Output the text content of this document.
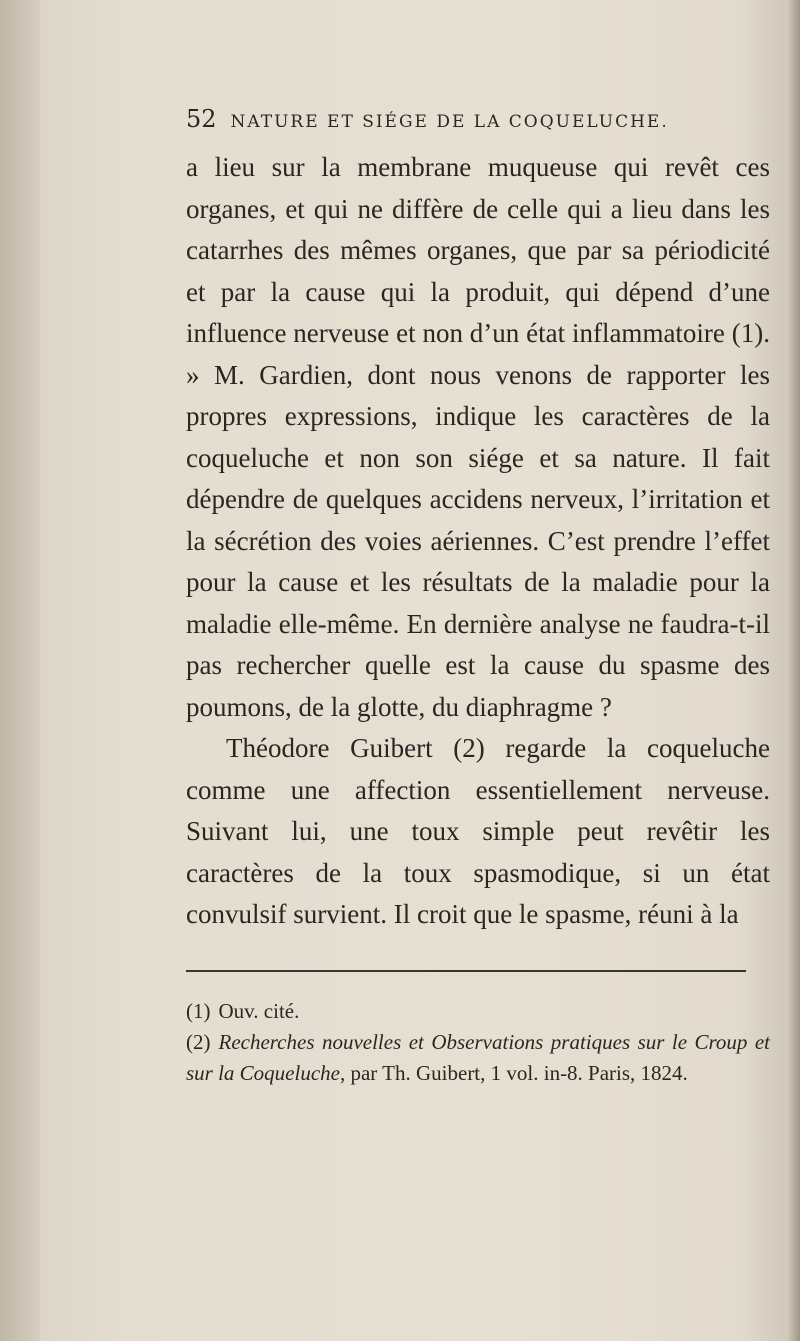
52 NATURE ET SIÉGE DE LA COQUELUCHE.

a lieu sur la membrane muqueuse qui revêt ces organes, et qui ne diffère de celle qui a lieu dans les catarrhes des mêmes organes, que par sa périodicité et par la cause qui la produit, qui dépend d’une influence nerveuse et non d’un état inflammatoire (1). » M. Gardien, dont nous venons de rapporter les propres expressions, indique les caractères de la coqueluche et non son siége et sa nature. Il fait dépendre de quelques accidens nerveux, l’irritation et la sécrétion des voies aériennes. C’est prendre l’effet pour la cause et les résultats de la maladie pour la maladie elle-même. En dernière analyse ne faudra-t-il pas rechercher quelle est la cause du spasme des poumons, de la glotte, du diaphragme ?

Théodore Guibert (2) regarde la coqueluche comme une affection essentiellement nerveuse. Suivant lui, une toux simple peut revêtir les caractères de la toux spasmodique, si un état convulsif survient. Il croit que le spasme, réuni à la

(1) Ouv. cité.
(2) Recherches nouvelles et Observations pratiques sur le Croup et sur la Coqueluche, par Th. Guibert, 1 vol. in-8. Paris, 1824.
